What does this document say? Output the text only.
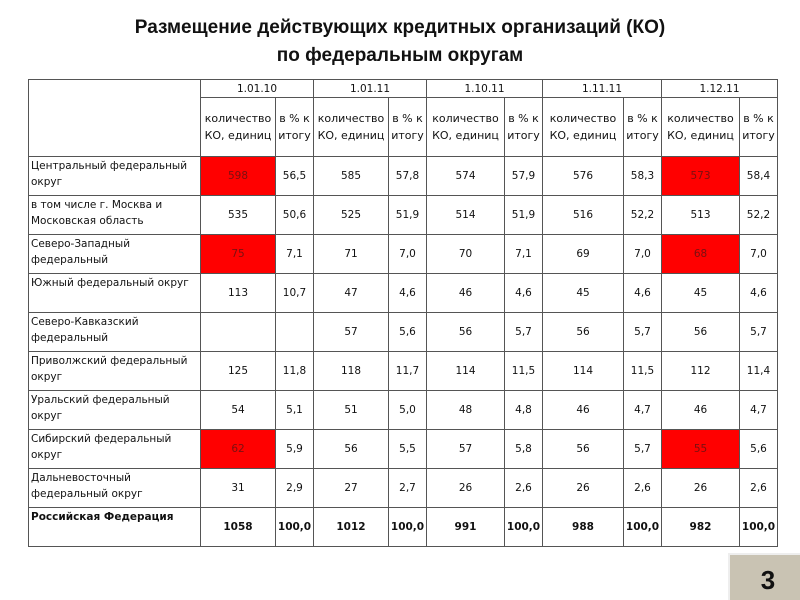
Размещение действующих кредитных организаций (КО)
по федеральным округам
	1.01.10		1.01.11		1.10.11		1.11.11		1.12.11	
	количество КО, единиц	в % к итогу	количество КО, единиц	в % к итогу	количество КО, единиц	в % к итогу	количество КО, единиц	в % к итогу	количество КО, единиц	в % к итогу
Центральный федеральный округ	598	56,5	585	57,8	574	57,9	576	58,3	573	58,4
в том числе г. Москва и Московская область	535	50,6	525	51,9	514	51,9	516	52,2	513	52,2
Северо-Западный федеральный	75	7,1	71	7,0	70	7,1	69	7,0	68	7,0
Южный федеральный округ	113	10,7	47	4,6	46	4,6	45	4,6	45	4,6
Северо-Кавказский федеральный			57	5,6	56	5,7	56	5,7	56	5,7
Приволжский федеральный округ	125	11,8	118	11,7	114	11,5	114	11,5	112	11,4
Уральский федеральный округ	54	5,1	51	5,0	48	4,8	46	4,7	46	4,7
Сибирский федеральный округ	62	5,9	56	5,5	57	5,8	56	5,7	55	5,6
Дальневосточный федеральный округ	31	2,9	27	2,7	26	2,6	26	2,6	26	2,6
Российская Федерация	1058	100,0	1012	100,0	991	100,0	988	100,0	982	100,0
3
